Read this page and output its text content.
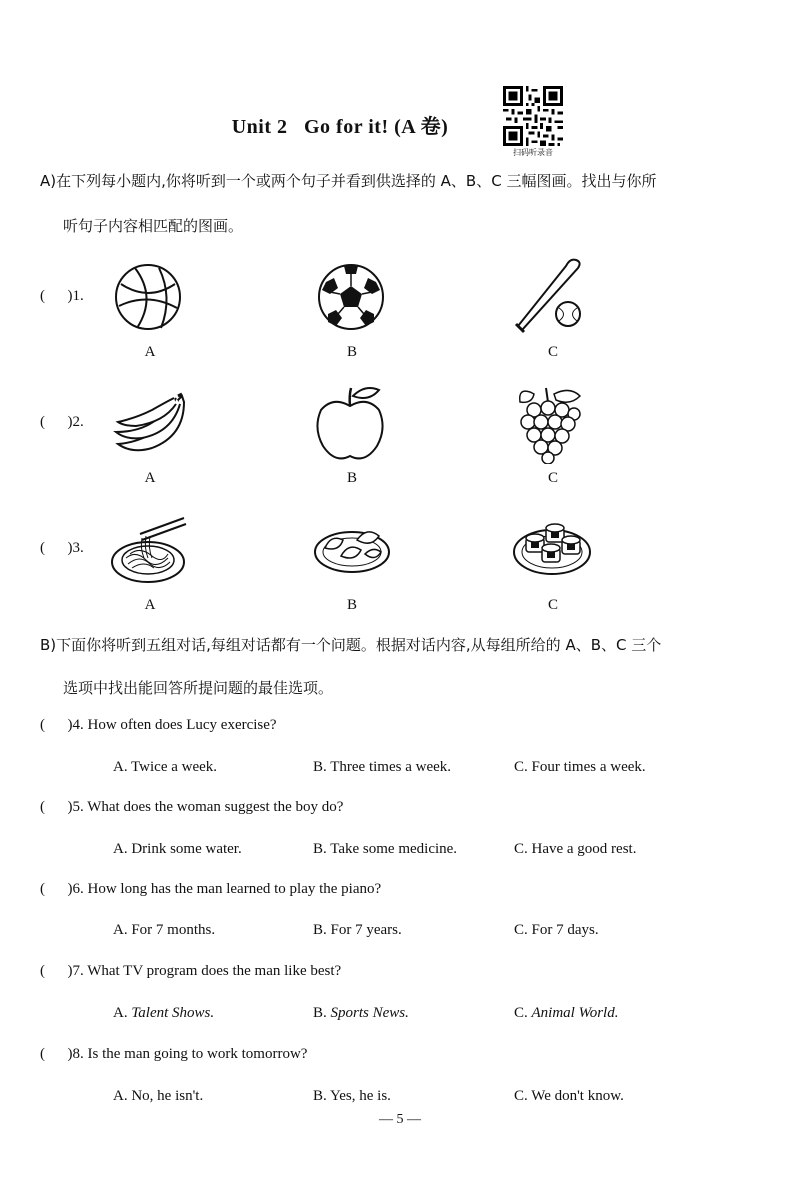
Unit 2   Go for it! (A 卷)
扫码听录音
A)在下列每小题内,你将听到一个或两个句子并看到供选择的 A、B、C 三幅图画。找出与你所
听句子内容相匹配的图画。
(      )1.
A	B	C
(      )2.
A	B	C
(      )3.
A	B	C
B)下面你将听到五组对话,每组对话都有一个问题。根据对话内容,从每组所给的 A、B、C 三个
选项中找出能回答所提问题的最佳选项。
(      )4. How often does Lucy exercise?
A. Twice a week.	B. Three times a week.	C. Four times a week.
(      )5. What does the woman suggest the boy do?
A. Drink some water.	B. Take some medicine.	C. Have a good rest.
(      )6. How long has the man learned to play the piano?
A. For 7 months.	B. For 7 years.	C. For 7 days.
(      )7. What TV program does the man like best?
A. Talent Shows.	B. Sports News.	C. Animal World.
(      )8. Is the man going to work tomorrow?
A. No, he isn't.	B. Yes, he is.	C. We don't know.
— 5 —
